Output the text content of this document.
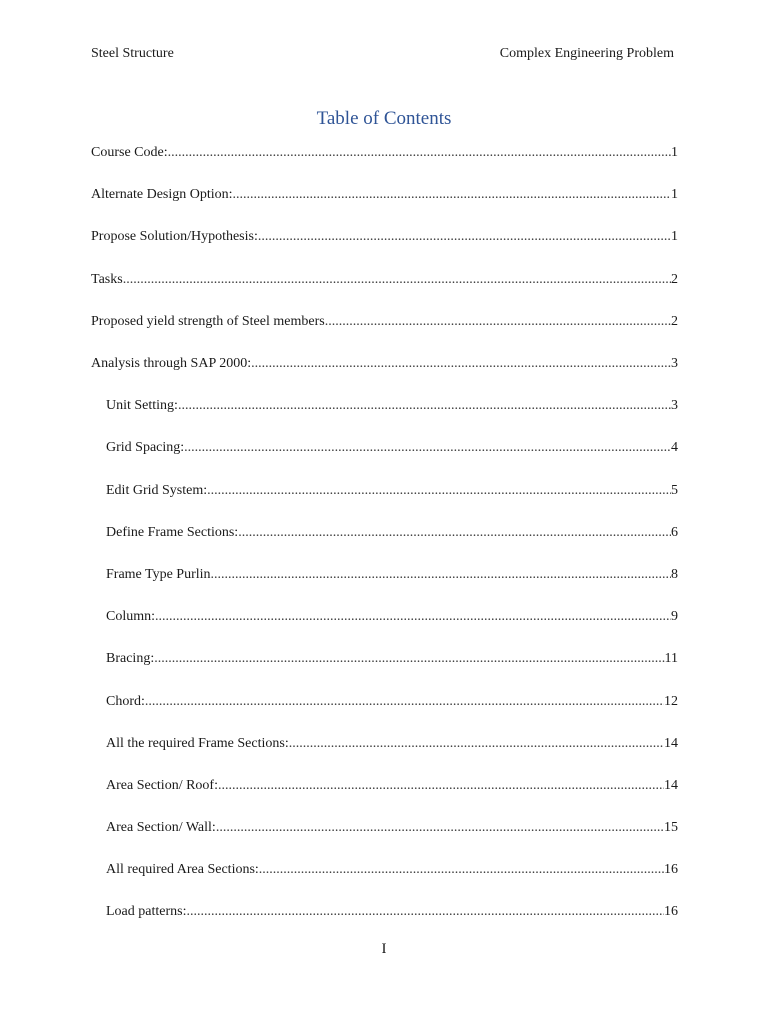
Steel Structure	Complex Engineering Problem
Table of Contents
Course Code: .....	1
Alternate Design Option: .....	1
Propose Solution/Hypothesis: .....	1
Tasks .....	2
Proposed yield strength of Steel members .....	2
Analysis through SAP 2000: .....	3
Unit Setting: .....	3
Grid Spacing: .....	4
Edit Grid System: .....	5
Define Frame Sections: .....	6
Frame Type Purlin .....	8
Column: .....	9
Bracing: .....	11
Chord: .....	12
All the required Frame Sections: .....	14
Area Section/ Roof: .....	14
Area Section/ Wall: .....	15
All required Area Sections: .....	16
Load patterns: .....	16
I
